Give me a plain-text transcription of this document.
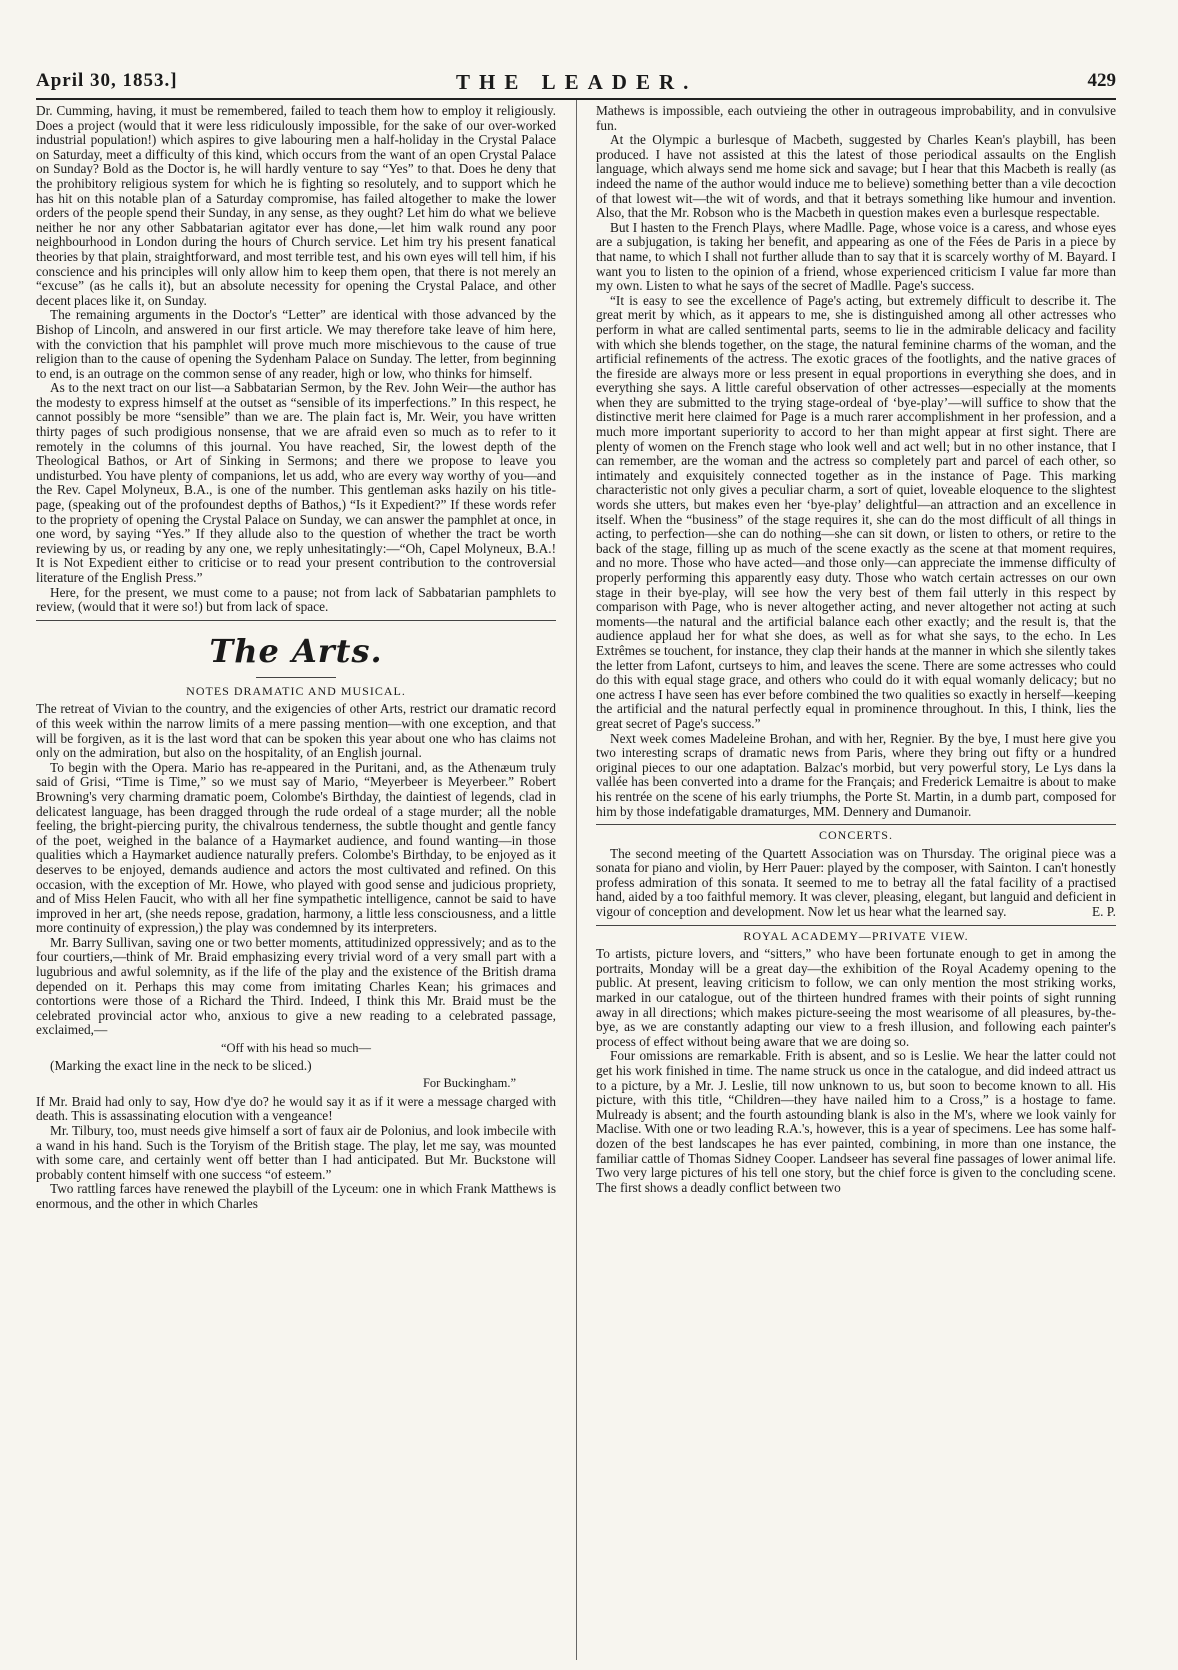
April 30, 1853.]	THE LEADER.	429

Dr. Cumming, having, it must be remembered, failed to teach them how to employ it religiously. Does a project (would that it were less ridiculously impossible, for the sake of our over-worked industrial population!) which aspires to give labouring men a half-holiday in the Crystal Palace on Saturday, meet a difficulty of this kind, which occurs from the want of an open Crystal Palace on Sunday? Bold as the Doctor is, he will hardly venture to say “Yes” to that. Does he deny that the prohibitory religious system for which he is fighting so resolutely, and to support which he has hit on this notable plan of a Saturday compromise, has failed altogether to make the lower orders of the people spend their Sunday, in any sense, as they ought? Let him do what we believe neither he nor any other Sabbatarian agitator ever has done,—let him walk round any poor neighbourhood in London during the hours of Church service. Let him try his present fanatical theories by that plain, straightforward, and most terrible test, and his own eyes will tell him, if his conscience and his principles will only allow him to keep them open, that there is not merely an “excuse” (as he calls it), but an absolute necessity for opening the Crystal Palace, and other decent places like it, on Sunday.

The remaining arguments in the Doctor's “Letter” are identical with those advanced by the Bishop of Lincoln, and answered in our first article. We may therefore take leave of him here, with the conviction that his pamphlet will prove much more mischievous to the cause of true religion than to the cause of opening the Sydenham Palace on Sunday. The letter, from beginning to end, is an outrage on the common sense of any reader, high or low, who thinks for himself.

As to the next tract on our list—a Sabbatarian Sermon, by the Rev. John Weir—the author has the modesty to express himself at the outset as “sensible of its imperfections.” In this respect, he cannot possibly be more “sensible” than we are. The plain fact is, Mr. Weir, you have written thirty pages of such prodigious nonsense, that we are afraid even so much as to refer to it remotely in the columns of this journal. You have reached, Sir, the lowest depth of the Theological Bathos, or Art of Sinking in Sermons; and there we propose to leave you undisturbed. You have plenty of companions, let us add, who are every way worthy of you—and the Rev. Capel Molyneux, B.A., is one of the number. This gentleman asks hazily on his title-page, (speaking out of the profoundest depths of Bathos,) “Is it Expedient?” If these words refer to the propriety of opening the Crystal Palace on Sunday, we can answer the pamphlet at once, in one word, by saying “Yes.” If they allude also to the question of whether the tract be worth reviewing by us, or reading by any one, we reply unhesitatingly:—“Oh, Capel Molyneux, B.A.! It is Not Expedient either to criticise or to read your present contribution to the controversial literature of the English Press.”

Here, for the present, we must come to a pause; not from lack of Sabbatarian pamphlets to review, (would that it were so!) but from lack of space.

The Arts.
NOTES DRAMATIC AND MUSICAL.

The retreat of Vivian to the country, and the exigencies of other Arts, restrict our dramatic record of this week within the narrow limits of a mere passing mention—with one exception, and that will be forgiven, as it is the last word that can be spoken this year about one who has claims not only on the admiration, but also on the hospitality, of an English journal.

To begin with the Opera. Mario has re-appeared in the Puritani, and, as the Athenæum truly said of Grisi, “Time is Time,” so we must say of Mario, “Meyerbeer is Meyerbeer.” Robert Browning's very charming dramatic poem, Colombe's Birthday, the daintiest of legends, clad in delicatest language, has been dragged through the rude ordeal of a stage murder; all the noble feeling, the bright-piercing purity, the chivalrous tenderness, the subtle thought and gentle fancy of the poet, weighed in the balance of a Haymarket audience, and found wanting—in those qualities which a Haymarket audience naturally prefers. Colombe's Birthday, to be enjoyed as it deserves to be enjoyed, demands audience and actors the most cultivated and refined. On this occasion, with the exception of Mr. Howe, who played with good sense and judicious propriety, and of Miss Helen Faucit, who with all her fine sympathetic intelligence, cannot be said to have improved in her art, (she needs repose, gradation, harmony, a little less consciousness, and a little more continuity of expression,) the play was condemned by its interpreters.

Mr. Barry Sullivan, saving one or two better moments, attitudinized oppressively; and as to the four courtiers,—think of Mr. Braid emphasizing every trivial word of a very small part with a lugubrious and awful solemnity, as if the life of the play and the existence of the British drama depended on it. Perhaps this may come from imitating Charles Kean; his grimaces and contortions were those of a Richard the Third. Indeed, I think this Mr. Braid must be the celebrated provincial actor who, anxious to give a new reading to a celebrated passage, exclaimed,—

“Off with his head so much—
(Marking the exact line in the neck to be sliced.)
For Buckingham.”

If Mr. Braid had only to say, How d'ye do? he would say it as if it were a message charged with death. This is assassinating elocution with a vengeance!

Mr. Tilbury, too, must needs give himself a sort of faux air de Polonius, and look imbecile with a wand in his hand. Such is the Toryism of the British stage. The play, let me say, was mounted with some care, and certainly went off better than I had anticipated. But Mr. Buckstone will probably content himself with one success “of esteem.”

Two rattling farces have renewed the playbill of the Lyceum: one in which Frank Matthews is enormous, and the other in which Charles

Mathews is impossible, each outvieing the other in outrageous improbability, and in convulsive fun.

At the Olympic a burlesque of Macbeth, suggested by Charles Kean's playbill, has been produced. I have not assisted at this the latest of those periodical assaults on the English language, which always send me home sick and savage; but I hear that this Macbeth is really (as indeed the name of the author would induce me to believe) something better than a vile decoction of that lowest wit—the wit of words, and that it betrays something like humour and invention. Also, that the Mr. Robson who is the Macbeth in question makes even a burlesque respectable.

But I hasten to the French Plays, where Madlle. Page, whose voice is a caress, and whose eyes are a subjugation, is taking her benefit, and appearing as one of the Fées de Paris in a piece by that name, to which I shall not further allude than to say that it is scarcely worthy of M. Bayard. I want you to listen to the opinion of a friend, whose experienced criticism I value far more than my own. Listen to what he says of the secret of Madlle. Page's success.

“It is easy to see the excellence of Page's acting, but extremely difficult to describe it. The great merit by which, as it appears to me, she is distinguished among all other actresses who perform in what are called sentimental parts, seems to lie in the admirable delicacy and facility with which she blends together, on the stage, the natural feminine charms of the woman, and the artificial refinements of the actress. The exotic graces of the footlights, and the native graces of the fireside are always more or less present in equal proportions in everything she does, and in everything she says. A little careful observation of other actresses—especially at the moments when they are submitted to the trying stage-ordeal of ‘bye-play’—will suffice to show that the distinctive merit here claimed for Page is a much rarer accomplishment in her profession, and a much more important superiority to accord to her than might appear at first sight. There are plenty of women on the French stage who look well and act well; but in no other instance, that I can remember, are the woman and the actress so completely part and parcel of each other, so intimately and exquisitely connected together as in the instance of Page. This marking characteristic not only gives a peculiar charm, a sort of quiet, loveable eloquence to the slightest words she utters, but makes even her ‘bye-play’ delightful—an attraction and an excellence in itself. When the “business” of the stage requires it, she can do the most difficult of all things in acting, to perfection—she can do nothing—she can sit down, or listen to others, or retire to the back of the stage, filling up as much of the scene exactly as the scene at that moment requires, and no more. Those who have acted—and those only—can appreciate the immense difficulty of properly performing this apparently easy duty. Those who watch certain actresses on our own stage in their bye-play, will see how the very best of them fail utterly in this respect by comparison with Page, who is never altogether acting, and never altogether not acting at such moments—the natural and the artificial balance each other exactly; and the result is, that the audience applaud her for what she does, as well as for what she says, to the echo. In Les Extrêmes se touchent, for instance, they clap their hands at the manner in which she silently takes the letter from Lafont, curtseys to him, and leaves the scene. There are some actresses who could do this with equal stage grace, and others who could do it with equal womanly delicacy; but no one actress I have seen has ever before combined the two qualities so exactly in herself—keeping the artificial and the natural perfectly equal in prominence throughout. In this, I think, lies the great secret of Page's success.”

Next week comes Madeleine Brohan, and with her, Regnier. By the bye, I must here give you two interesting scraps of dramatic news from Paris, where they bring out fifty or a hundred original pieces to our one adaptation. Balzac's morbid, but very powerful story, Le Lys dans la vallée has been converted into a drame for the Français; and Frederick Lemaitre is about to make his rentrée on the scene of his early triumphs, the Porte St. Martin, in a dumb part, composed for him by those indefatigable dramaturges, MM. Dennery and Dumanoir.

CONCERTS.

The second meeting of the Quartett Association was on Thursday. The original piece was a sonata for piano and violin, by Herr Pauer: played by the composer, with Sainton. I can't honestly profess admiration of this sonata. It seemed to me to betray all the fatal facility of a practised hand, aided by a too faithful memory. It was clever, pleasing, elegant, but languid and deficient in vigour of conception and development. Now let us hear what the learned say.	E. P.

ROYAL ACADEMY—PRIVATE VIEW.

To artists, picture lovers, and “sitters,” who have been fortunate enough to get in among the portraits, Monday will be a great day—the exhibition of the Royal Academy opening to the public. At present, leaving criticism to follow, we can only mention the most striking works, marked in our catalogue, out of the thirteen hundred frames with their points of sight running away in all directions; which makes picture-seeing the most wearisome of all pleasures, by-the-bye, as we are constantly adapting our view to a fresh illusion, and following each painter's process of effect without being aware that we are doing so.

Four omissions are remarkable. Frith is absent, and so is Leslie. We hear the latter could not get his work finished in time. The name struck us once in the catalogue, and did indeed attract us to a picture, by a Mr. J. Leslie, till now unknown to us, but soon to become known to all. His picture, with this title, “Children—they have nailed him to a Cross,” is a hostage to fame. Mulready is absent; and the fourth astounding blank is also in the M's, where we look vainly for Maclise. With one or two leading R.A.'s, however, this is a year of specimens. Lee has some half-dozen of the best landscapes he has ever painted, combining, in more than one instance, the familiar cattle of Thomas Sidney Cooper. Landseer has several fine passages of lower animal life. Two very large pictures of his tell one story, but the chief force is given to the concluding scene. The first shows a deadly conflict between two
